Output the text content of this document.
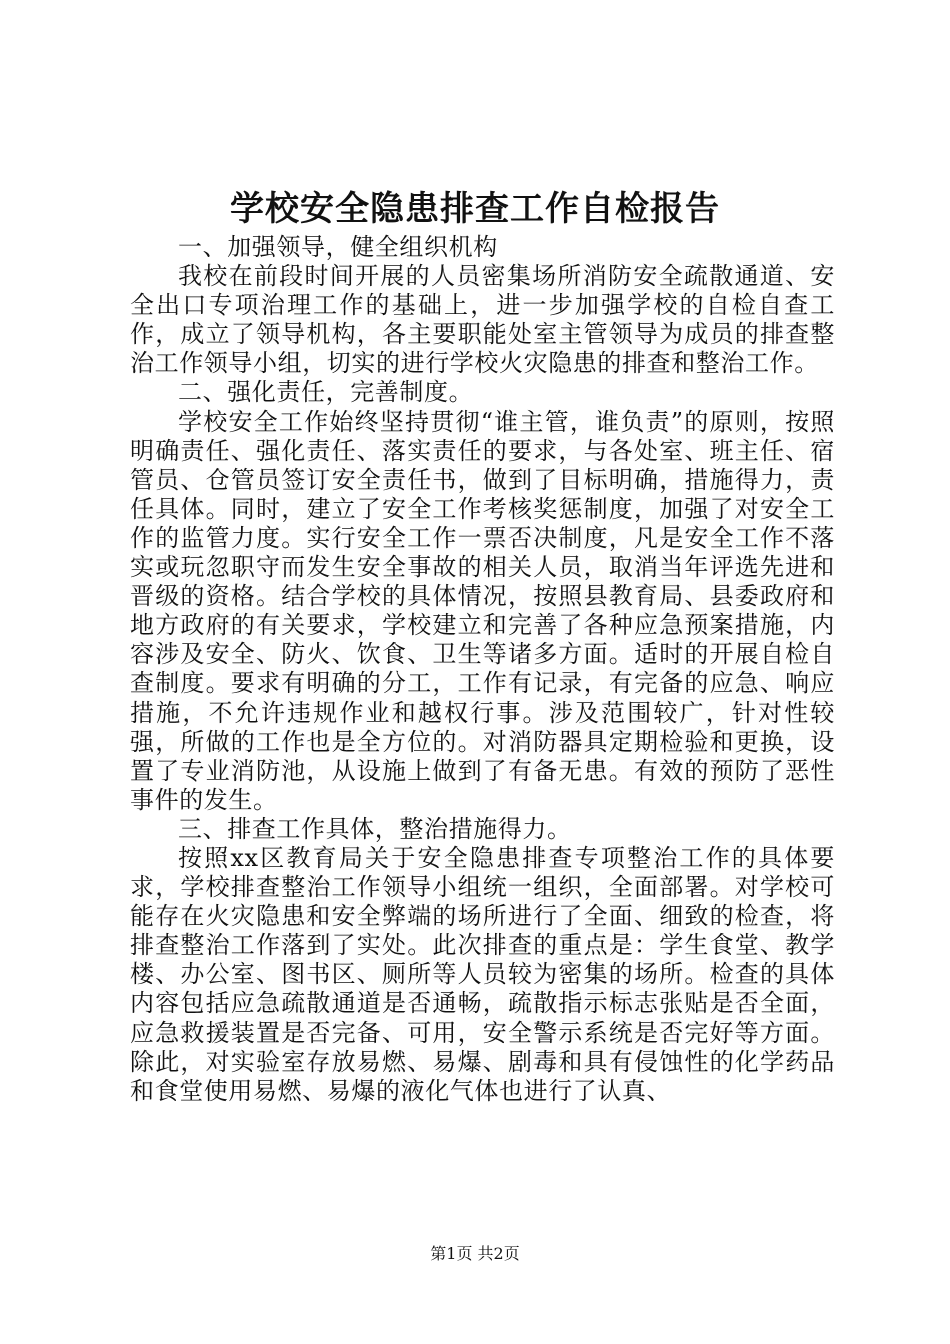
学校安全隐患排查工作自检报告

一、加强领导，健全组织机构

我校在前段时间开展的人员密集场所消防安全疏散通道、安全出口专项治理工作的基础上，进一步加强学校的自检自查工作，成立了领导机构，各主要职能处室主管领导为成员的排查整治工作领导小组，切实的进行学校火灾隐患的排查和整治工作。

二、强化责任，完善制度。

学校安全工作始终坚持贯彻“谁主管，谁负责”的原则，按照明确责任、强化责任、落实责任的要求，与各处室、班主任、宿管员、仓管员签订安全责任书，做到了目标明确，措施得力，责任具体。同时，建立了安全工作考核奖惩制度，加强了对安全工作的监管力度。实行安全工作一票否决制度，凡是安全工作不落实或玩忽职守而发生安全事故的相关人员，取消当年评选先进和晋级的资格。结合学校的具体情况，按照县教育局、县委政府和地方政府的有关要求，学校建立和完善了各种应急预案措施，内容涉及安全、防火、饮食、卫生等诸多方面。适时的开展自检自查制度。要求有明确的分工，工作有记录，有完备的应急、响应措施，不允许违规作业和越权行事。涉及范围较广，针对性较强，所做的工作也是全方位的。对消防器具定期检验和更换，设置了专业消防池，从设施上做到了有备无患。有效的预防了恶性事件的发生。

三、排查工作具体，整治措施得力。

按照xx区教育局关于安全隐患排查专项整治工作的具体要求，学校排查整治工作领导小组统一组织，全面部署。对学校可能存在火灾隐患和安全弊端的场所进行了全面、细致的检查，将排查整治工作落到了实处。此次排查的重点是：学生食堂、教学楼、办公室、图书区、厕所等人员较为密集的场所。检查的具体内容包括应急疏散通道是否通畅，疏散指示标志张贴是否全面，应急救援装置是否完备、可用，安全警示系统是否完好等方面。除此，对实验室存放易燃、易爆、剧毒和具有侵蚀性的化学药品和食堂使用易燃、易爆的液化气体也进行了认真、

第1页 共2页
